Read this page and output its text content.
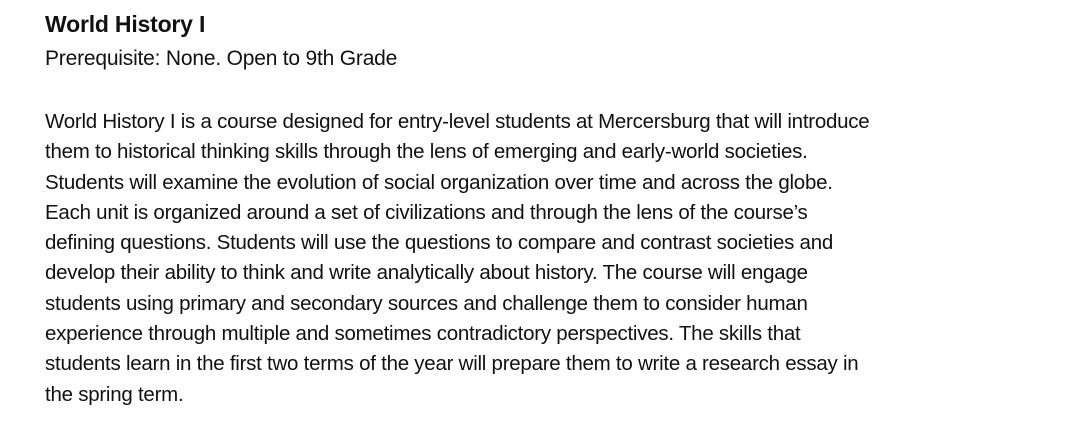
World History I

Prerequisite: None. Open to 9th Grade

World History I is a course designed for entry-level students at Mercersburg that will introduce
them to historical thinking skills through the lens of emerging and early-world societies.
Students will examine the evolution of social organization over time and across the globe.
Each unit is organized around a set of civilizations and through the lens of the course’s
defining questions. Students will use the questions to compare and contrast societies and
develop their ability to think and write analytically about history. The course will engage
students using primary and secondary sources and challenge them to consider human
experience through multiple and sometimes contradictory perspectives. The skills that
students learn in the first two terms of the year will prepare them to write a research essay in
the spring term.
